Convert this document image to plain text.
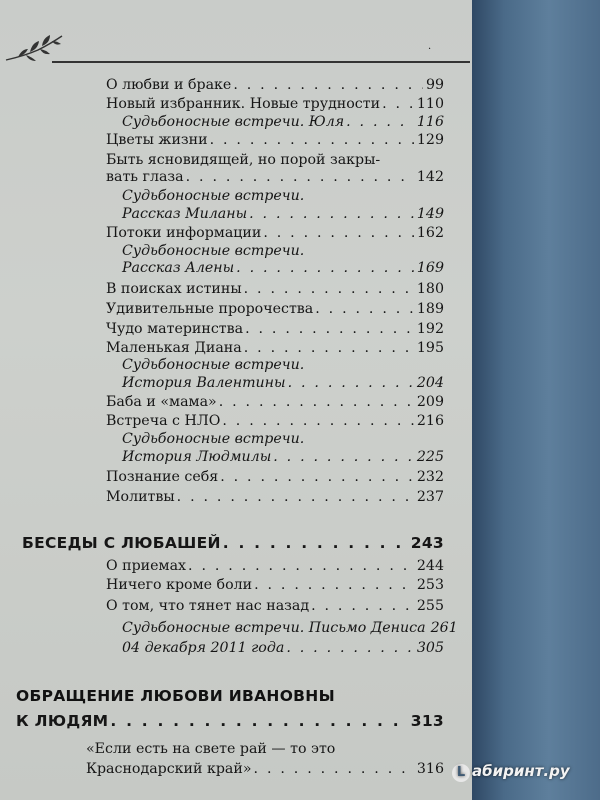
·
О любви и браке . . .	99
Новый избранник. Новые трудности . . .	110
Судьбоносные встречи. Юля . . .	116
Цветы жизни . . .	129
Быть ясновидящей, но порой закры-
вать глаза . . .	142
Судьбоносные встречи.
Рассказ Миланы . . .	149
Потоки информации . . .	162
Судьбоносные встречи.
Рассказ Алены . . .	169
В поисках истины . . .	180
Удивительные пророчества . . .	189
Чудо материнства . . .	192
Маленькая Диана . . .	195
Судьбоносные встречи.
История Валентины . . .	204
Баба и «мама» . . .	209
Встреча с НЛО . . .	216
Судьбоносные встречи.
История Людмилы . . .	225
Познание себя . . .	232
Молитвы . . .	237
БЕСЕДЫ С ЛЮБАШЕЙ . . .	243
О приемах . . .	244
Ничего кроме боли . . .	253
О том, что тянет нас назад . . .	255
Судьбоносные встречи. Письмо Дениса . . . 261
04 декабря 2011 года . . .	305
ОБРАЩЕНИЕ ЛЮБОВИ ИВАНОВНЫ
К ЛЮДЯМ . . .	313
«Если есть на свете рай — то это
Краснодарский край» . . .	316 L абиринт.ру
